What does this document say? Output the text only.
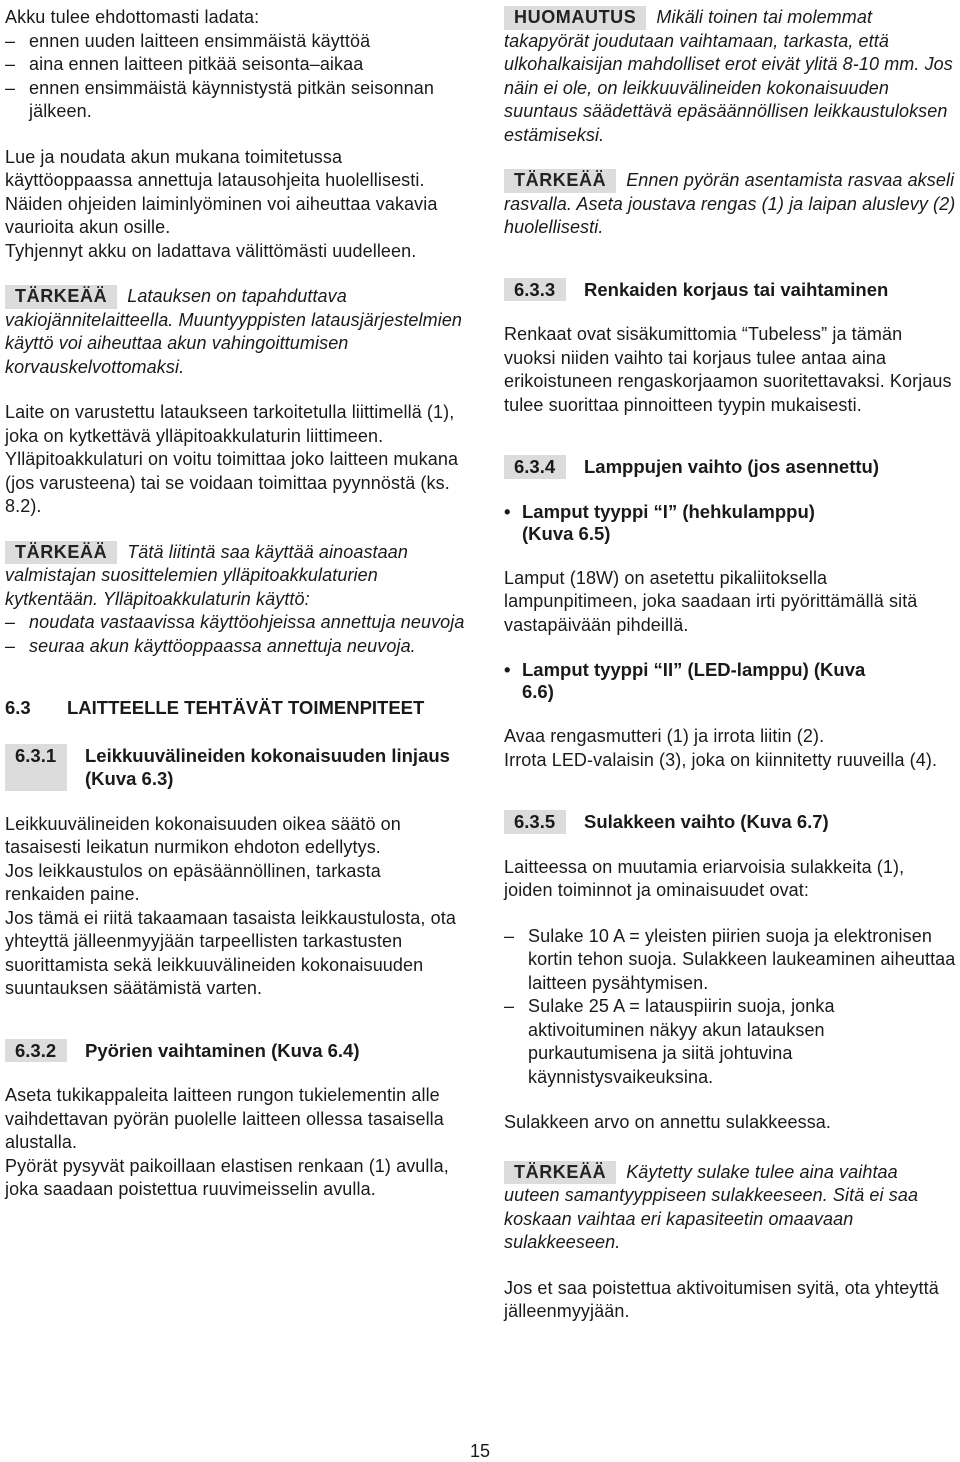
Akku tulee ehdottomasti ladata:

– ennen uuden laitteen ensimmäistä käyttöä
– aina ennen laitteen pitkää seisonta–aikaa
– ennen ensimmäistä käynnistystä pitkän seisonnan jälkeen.

Lue ja noudata akun mukana toimitetussa käyttöoppaassa annettuja latausohjeita huolellisesti.

Näiden ohjeiden laiminlyöminen voi aiheuttaa vakavia vaurioita akun osille.

Tyhjennyt akku on ladattava välittömästi uudelleen.

TÄRKEÄÄ Latauksen on tapahduttava vakiojännitelaitteella. Muuntyyppisten latausjärjestelmien käyttö voi aiheuttaa akun vahingoittumisen korvauskelvottomaksi.

Laite on varustettu lataukseen tarkoitetulla liittimellä (1), joka on kytkettävä ylläpitoakkulaturin liittimeen. Ylläpitoakkulaturi on voitu toimittaa joko laitteen mukana (jos varusteena) tai se voidaan toimittaa pyynnöstä (ks. 8.2).

TÄRKEÄÄ Tätä liitintä saa käyttää ainoastaan valmistajan suosittelemien ylläpitoakkulaturien kytkentään. Ylläpitoakkulaturin käyttö:

– noudata vastaavissa käyttöohjeissa annettuja neuvoja
– seuraa akun käyttöoppaassa annettuja neuvoja.
6.3	LAITTEELLE TEHTÄVÄT TOIMENPITEET
6.3.1	Leikkuuvälineiden kokonaisuuden linjaus (Kuva 6.3)

Leikkuuvälineiden kokonaisuuden oikea säätö on tasaisesti leikatun nurmikon ehdoton edellytys.

Jos leikkaustulos on epäsäännöllinen, tarkasta renkaiden paine.

Jos tämä ei riitä takaamaan tasaista leikkaustulosta, ota yhteyttä jälleenmyyjään tarpeellisten tarkastusten suorittamista sekä leikkuuvälineiden kokonaisuuden suuntauksen säätämistä varten.

6.3.2	Pyörien vaihtaminen (Kuva 6.4)

Aseta tukikappaleita laitteen rungon tukielementin alle vaihdettavan pyörän puolelle laitteen ollessa tasaisella alustalla.

Pyörät pysyvät paikoillaan elastisen renkaan (1) avulla, joka saadaan poistettua ruuvimeisselin avulla.

HUOMAUTUS Mikäli toinen tai molemmat takapyörät joudutaan vaihtamaan, tarkasta, että ulkohalkaisijan mahdolliset erot eivät ylitä 8-10 mm. Jos näin ei ole, on leikkuuvälineiden kokonaisuuden suuntaus säädettävä epäsäännöllisen leikkaustuloksen estämiseksi.

TÄRKEÄÄ Ennen pyörän asentamista rasvaa akseli rasvalla. Aseta joustava rengas (1) ja laipan aluslevy (2) huolellisesti.

6.3.3	Renkaiden korjaus tai vaihtaminen

Renkaat ovat sisäkumittomia “Tubeless” ja tämän vuoksi niiden vaihto tai korjaus tulee antaa aina erikoistuneen rengaskorjaamon suoritettavaksi. Korjaus tulee suorittaa pinnoitteen tyypin mukaisesti.

6.3.4	Lamppujen vaihto (jos asennettu)
• Lamput tyyppi “I” (hehkulamppu) (Kuva 6.5)

Lamput (18W) on asetettu pikaliitoksella lampunpitimeen, joka saadaan irti pyörittämällä sitä vastapäivään pihdeillä.

• Lamput tyyppi “II” (LED-lamppu) (Kuva 6.6)

Avaa rengasmutteri (1) ja irrota liitin (2).

Irrota LED-valaisin (3), joka on kiinnitetty ruuveilla (4).

6.3.5	Sulakkeen vaihto (Kuva 6.7)

Laitteessa on muutamia eriarvoisia sulakkeita (1), joiden toiminnot ja ominaisuudet ovat:

– Sulake 10 A = yleisten piirien suoja ja elektronisen kortin tehon suoja. Sulakkeen laukeaminen aiheuttaa laitteen pysähtymisen.
– Sulake 25 A = latauspiirin suoja, jonka aktivoituminen näkyy akun latauksen purkautumisena ja siitä johtuvina käynnistysvaikeuksina.

Sulakkeen arvo on annettu sulakkeessa.

TÄRKEÄÄ Käytetty sulake tulee aina vaihtaa uuteen samantyyppiseen sulakkeeseen. Sitä ei saa koskaan vaihtaa eri kapasiteetin omaavaan sulakkeeseen.

Jos et saa poistettua aktivoitumisen syitä, ota yhteyttä jälleenmyyjään.

15
